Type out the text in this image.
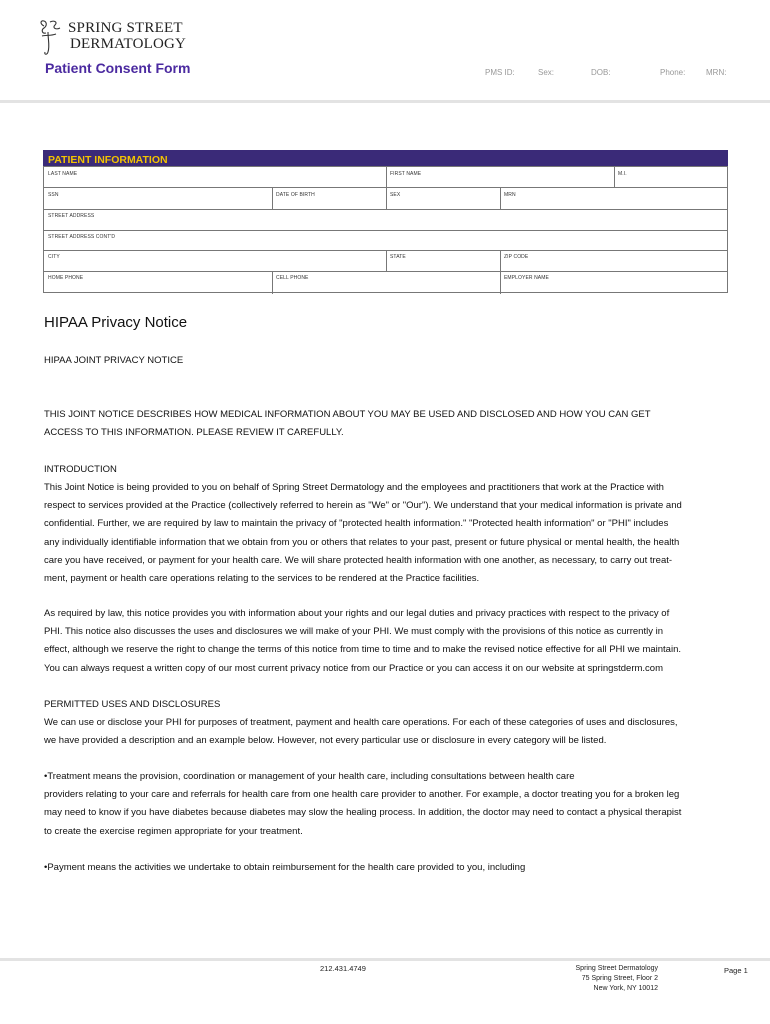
SPRING STREET
DERMATOLOGY
Patient Consent Form	PMS ID:	Sex:	DOB:	Phone:	MRN:
PATIENT INFORMATION
LAST NAME	FIRST NAME	M.I.
SSN	DATE OF BIRTH	SEX	MRN
STREET ADDRESS
STREET ADDRESS CONT'D
CITY	STATE	ZIP CODE
HOME PHONE	CELL PHONE	EMPLOYER NAME
HIPAA Privacy Notice

HIPAA JOINT PRIVACY NOTICE

THIS JOINT NOTICE DESCRIBES HOW MEDICAL INFORMATION ABOUT YOU MAY BE USED AND DISCLOSED AND HOW YOU CAN GET
ACCESS TO THIS INFORMATION. PLEASE REVIEW IT CAREFULLY.

INTRODUCTION

This Joint Notice is being provided to you on behalf of Spring Street Dermatology and the employees and practitioners that work at the Practice with
respect to services provided at the Practice (collectively referred to herein as "We" or "Our"). We understand that your medical information is private and
confidential. Further, we are required by law to maintain the privacy of "protected health information." "Protected health information" or "PHI" includes
any individually identifiable information that we obtain from you or others that relates to your past, present or future physical or mental health, the health
care you have received, or payment for your health care. We will share protected health information with one another, as necessary, to carry out treat-
ment, payment or health care operations relating to the services to be rendered at the Practice facilities.

As required by law, this notice provides you with information about your rights and our legal duties and privacy practices with respect to the privacy of
PHI. This notice also discusses the uses and disclosures we will make of your PHI. We must comply with the provisions of this notice as currently in
effect, although we reserve the right to change the terms of this notice from time to time and to make the revised notice effective for all PHI we maintain.
You can always request a written copy of our most current privacy notice from our Practice or you can access it on our website at springstderm.com

PERMITTED USES AND DISCLOSURES

We can use or disclose your PHI for purposes of treatment, payment and health care operations. For each of these categories of uses and disclosures,
we have provided a description and an example below. However, not every particular use or disclosure in every category will be listed.

•Treatment means the provision, coordination or management of your health care, including consultations between health care
providers relating to your care and referrals for health care from one health care provider to another. For example, a doctor treating you for a broken leg
may need to know if you have diabetes because diabetes may slow the healing process. In addition, the doctor may need to contact a physical therapist
to create the exercise regimen appropriate for your treatment.

•Payment means the activities we undertake to obtain reimbursement for the health care provided to you, including

212.431.4749	Spring Street Dermatology
75 Spring Street, Floor 2
New York, NY 10012
Page 1
